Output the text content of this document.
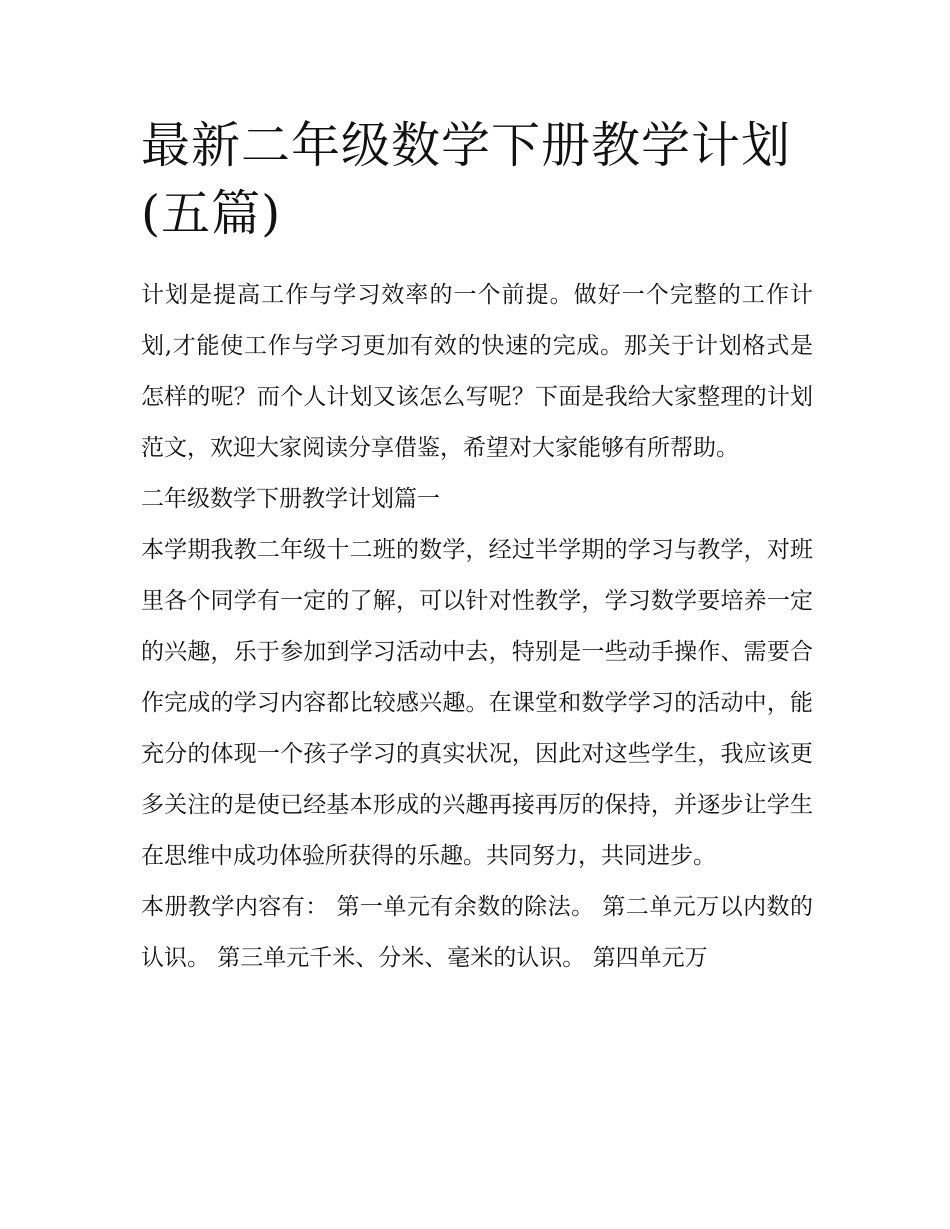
最新二年级数学下册教学计划
(五篇)

计划是提高工作与学习效率的一个前提。做好一个完整的工作计划,才能使工作与学习更加有效的快速的完成。那关于计划格式是怎样的呢？而个人计划又该怎么写呢？下面是我给大家整理的计划范文，欢迎大家阅读分享借鉴，希望对大家能够有所帮助。

二年级数学下册教学计划篇一

本学期我教二年级十二班的数学，经过半学期的学习与教学，对班里各个同学有一定的了解，可以针对性教学，学习数学要培养一定的兴趣，乐于参加到学习活动中去，特别是一些动手操作、需要合作完成的学习内容都比较感兴趣。在课堂和数学学习的活动中，能充分的体现一个孩子学习的真实状况，因此对这些学生，我应该更多关注的是使已经基本形成的兴趣再接再厉的保持，并逐步让学生在思维中成功体验所获得的乐趣。共同努力，共同进步。

本册教学内容有： 第一单元有余数的除法。 第二单元万以内数的认识。 第三单元千米、分米、毫米的认识。 第四单元万
